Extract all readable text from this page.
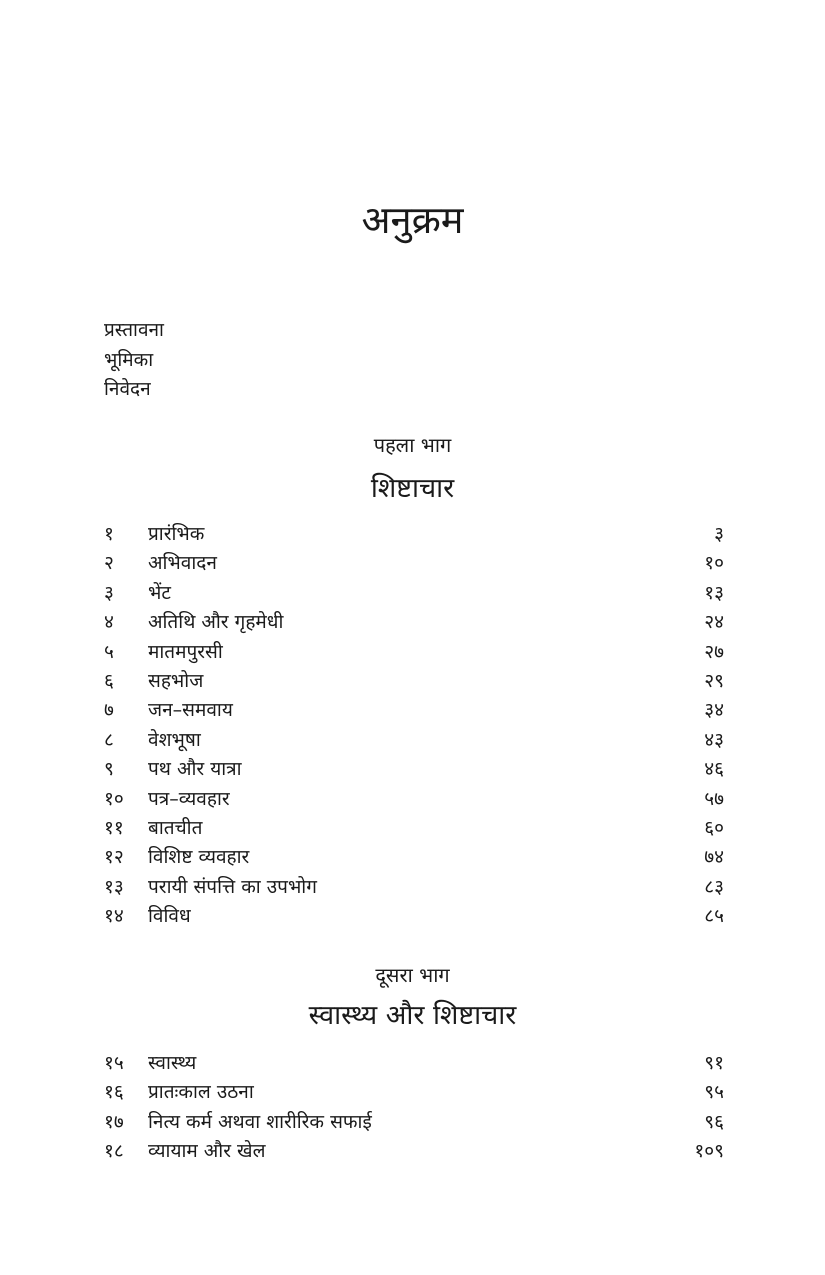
अनुक्रम
प्रस्तावना
भूमिका
निवेदन
पहला भाग
शिष्टाचार
१ प्रारंभिक	३
२ अभिवादन	१०
३ भेंट	१३
४ अतिथि और गृहमेधी	२४
५ मातमपुरसी	२७
६ सहभोज	२९
७ जन–समवाय	३४
८ वेशभूषा	४३
९ पथ और यात्रा	४६
१० पत्र–व्यवहार	५७
११ बातचीत	६०
१२ विशिष्ट व्यवहार	७४
१३ परायी संपत्ति का उपभोग	८३
१४ विविध	८५
दूसरा भाग
स्वास्थ्य और शिष्टाचार
१५ स्वास्थ्य	९१
१६ प्रातःकाल उठना	९५
१७ नित्य कर्म अथवा शारीरिक सफाई	९६
१८ व्यायाम और खेल	१०९
